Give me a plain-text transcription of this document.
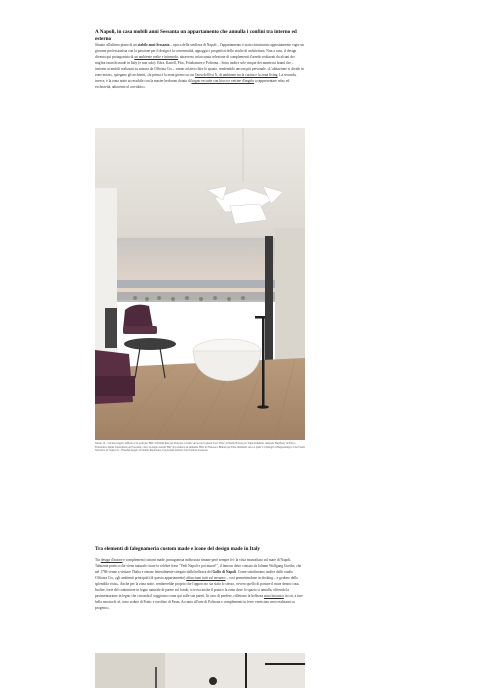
A Napoli, in casa mobili anni Sessanta un appartamento che annulla i confini tra interno ed esterno

Situato all'ultimo piano di un stabile anni Sessanta – epoca della sterlizza di Napoli – l'appartamento è stato ristrutturato appositamente vigor un giovane professionista con la passione per il design e la convenialità, appoggio i progettisti dello studio di architettura. Non a caso, il design diventa qui protagonista di un ambiente realte e ininmodo, attraverso un'accurata selezione di complementi d'arredo realizzati da alcuni dei migliori marchi made in Italy (e non solo): Edra, Kartell, Flos, Fritzhansen e Poltrona... Sono inoltre sole cinque dei numerosi brand che – insieme ai mobili realizzati su misura da Officina Cix – vanno ad arricchire lo spazio, rendendolo ancora più personale. «L'abitazione si divide in zone miste», spiegano gli architetti, «la prima è la zona giorno su cui l'area dell'ext 'li, di ambiente tra la cucina e la zona living. La seconda, invece, è la zona notte accessibile con la master bedroom dotata di bagno en suite con bocca e vetrine d'angolo a rappresentare relax ed esclusività, adiacente al corridoio».

Natale 14 – Cucina progetto Officina Cix, poltrone 'Bibi' di Fabrik Ruiz per Poltrona. Credits: un tavolo in pietra Ivori 'Udae' di Studio Bavaar per Tripie Kukkabu, lampada 'Big Bang' di Enrico Franzolini e Denis Santachiara per Foscarini; vasca da bagno Alavin 'Birr' di Ceramica ad ambiente 'Bibi' di Francesco Binfaré per Edra. Rubinetti vasca e piani 'Cri Design' di Bagnodesign e Cisal Santa Salvatrice in 'Sauna' di – Fissaden Angelo da Studio Riparoniea, il personale Libreria Cini Cultura di esterno.

Tra elementi di falegnameria custom made e icone del design made in Italy

Tra design d'autore e complementi custom made, protagonista indiscussa rimane però sempre lei: la vista mozzafiato sul mare di Napoli. Talmente poetica che viene naturale citare la celebre frase "Vedi Napoli e poi muori!", il famoso detto coniato da Johann Wolfgang Goethe, che nel 1786 venne a visitare l'Italia e rimase letteralmente stregato dalla bellezza del Golfo di Napoli. Come sottolineano inoltre dallo studio Officina Cix, «gli ambienti principali (di questo appartamento) affacciano tutti sul terrazzo – così permettendone in decking – e godono della splendida vista». Anche per la zona notte, sembrerebbe proprio che l'approccio sia stato lo stesso, ovvero quello di portare il mare dentro casa. Inoltre, forte del contenitore in legno naturale di parete sul fondo, si trova anche il pratico la zona dove lo spazio si annulla, offrendo la pavimentazione in legno che circonda il soggiorno come qui sulle sue pareti. In caso di perdere, riflettono la bellezza zona botanica in cui, a fare bella mostra di sé, sono sedute di Fratic e tavolino di Fasm. Accanto all'arte di Poltrona e complementi in ferro verniciato nero realizzati su progetto».
